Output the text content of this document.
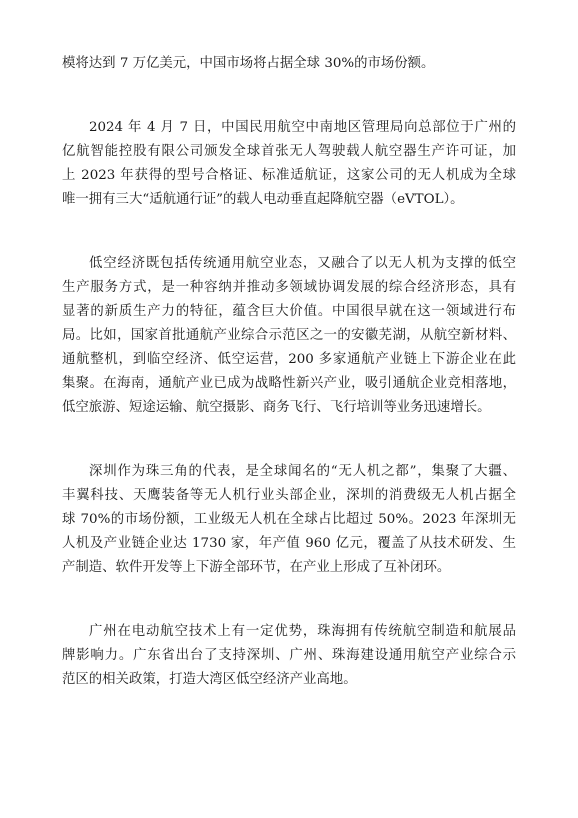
模将达到 7 万亿美元，中国市场将占据全球 30%的市场份额。
2024 年 4 月 7 日，中国民用航空中南地区管理局向总部位于广州的
亿航智能控股有限公司颁发全球首张无人驾驶载人航空器生产许可证，加
上 2023 年获得的型号合格证、标准适航证，这家公司的无人机成为全球
唯一拥有三大“适航通行证”的载人电动垂直起降航空器（eVTOL）。
低空经济既包括传统通用航空业态，又融合了以无人机为支撑的低空
生产服务方式，是一种容纳并推动多领域协调发展的综合经济形态，具有
显著的新质生产力的特征，蕴含巨大价值。中国很早就在这一领域进行布
局。比如，国家首批通航产业综合示范区之一的安徽芜湖，从航空新材料、
通航整机，到临空经济、低空运营，200 多家通航产业链上下游企业在此
集聚。在海南，通航产业已成为战略性新兴产业，吸引通航企业竞相落地，
低空旅游、短途运输、航空摄影、商务飞行、飞行培训等业务迅速增长。
深圳作为珠三角的代表，是全球闻名的“无人机之都”，集聚了大疆、
丰翼科技、天鹰装备等无人机行业头部企业，深圳的消费级无人机占据全
球 70%的市场份额，工业级无人机在全球占比超过 50%。2023 年深圳无
人机及产业链企业达 1730 家，年产值 960 亿元，覆盖了从技术研发、生
产制造、软件开发等上下游全部环节，在产业上形成了互补闭环。
广州在电动航空技术上有一定优势，珠海拥有传统航空制造和航展品
牌影响力。广东省出台了支持深圳、广州、珠海建设通用航空产业综合示
范区的相关政策，打造大湾区低空经济产业高地。
